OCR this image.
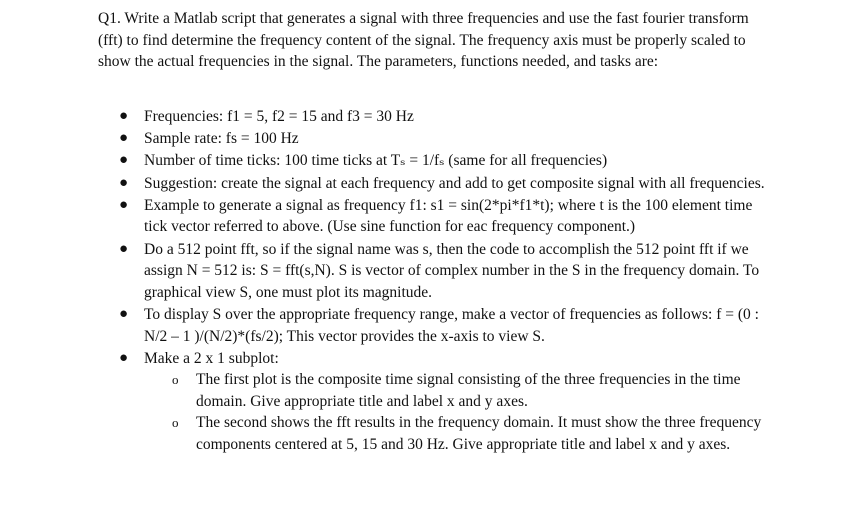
Q1. Write a Matlab script that generates a signal with three frequencies and use the fast fourier transform (fft) to find determine the frequency content of the signal. The frequency axis must be properly scaled to show the actual frequencies in the signal. The parameters, functions needed, and tasks are:

● Frequencies: f1 = 5, f2 = 15 and f3 = 30 Hz
● Sample rate: fs = 100 Hz
● Number of time ticks: 100 time ticks at Tₛ = 1/fₛ (same for all frequencies)
● Suggestion: create the signal at each frequency and add to get composite signal with all frequencies.
● Example to generate a signal as frequency f1: s1 = sin(2*pi*f1*t); where t is the 100 element time tick vector referred to above. (Use sine function for eac frequency component.)
● Do a 512 point fft, so if the signal name was s, then the code to accomplish the 512 point fft if we assign N = 512 is: S = fft(s,N). S is vector of complex number in the S in the frequency domain. To graphical view S, one must plot its magnitude.
● To display S over the appropriate frequency range, make a vector of frequencies as follows: f = (0 : N/2 – 1 )/(N/2)*(fs/2); This vector provides the x-axis to view S.
● Make a 2 x 1 subplot:
o The first plot is the composite time signal consisting of the three frequencies in the time domain. Give appropriate title and label x and y axes.
o The second shows the fft results in the frequency domain. It must show the three frequency components centered at 5, 15 and 30 Hz. Give appropriate title and label x and y axes.
